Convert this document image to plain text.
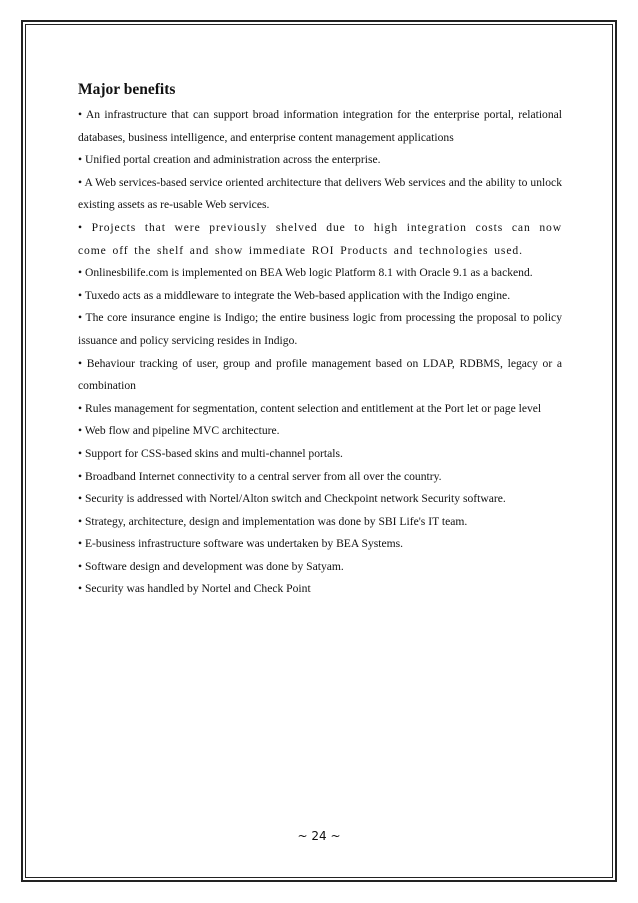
Major benefits

• An infrastructure that can support broad information integration for the enterprise portal, relational databases, business intelligence, and enterprise content management applications

• Unified portal creation and administration across the enterprise.

• A Web services-based service oriented architecture that delivers Web services and the ability to unlock existing assets as re-usable Web services.

• Projects that were previously shelved due to high integration costs can now come off the shelf and show immediate ROI Products and technologies used.

• Onlinesbilife.com is implemented on BEA Web logic Platform 8.1 with Oracle 9.1 as a backend.

• Tuxedo acts as a middleware to integrate the Web-based application with the Indigo engine.

• The core insurance engine is Indigo; the entire business logic from processing the proposal to policy issuance and policy servicing resides in Indigo.

• Behaviour tracking of user, group and profile management based on LDAP, RDBMS, legacy or a combination

• Rules management for segmentation, content selection and entitlement at the Port let or page level

• Web flow and pipeline MVC architecture.

• Support for CSS-based skins and multi-channel portals.

• Broadband Internet connectivity to a central server from all over the country.

• Security is addressed with Nortel/Alton switch and Checkpoint network Security software.

• Strategy, architecture, design and implementation was done by SBI Life's IT team.

• E-business infrastructure software was undertaken by BEA Systems.

• Software design and development was done by Satyam.

• Security was handled by Nortel and Check Point

~ 24 ~
